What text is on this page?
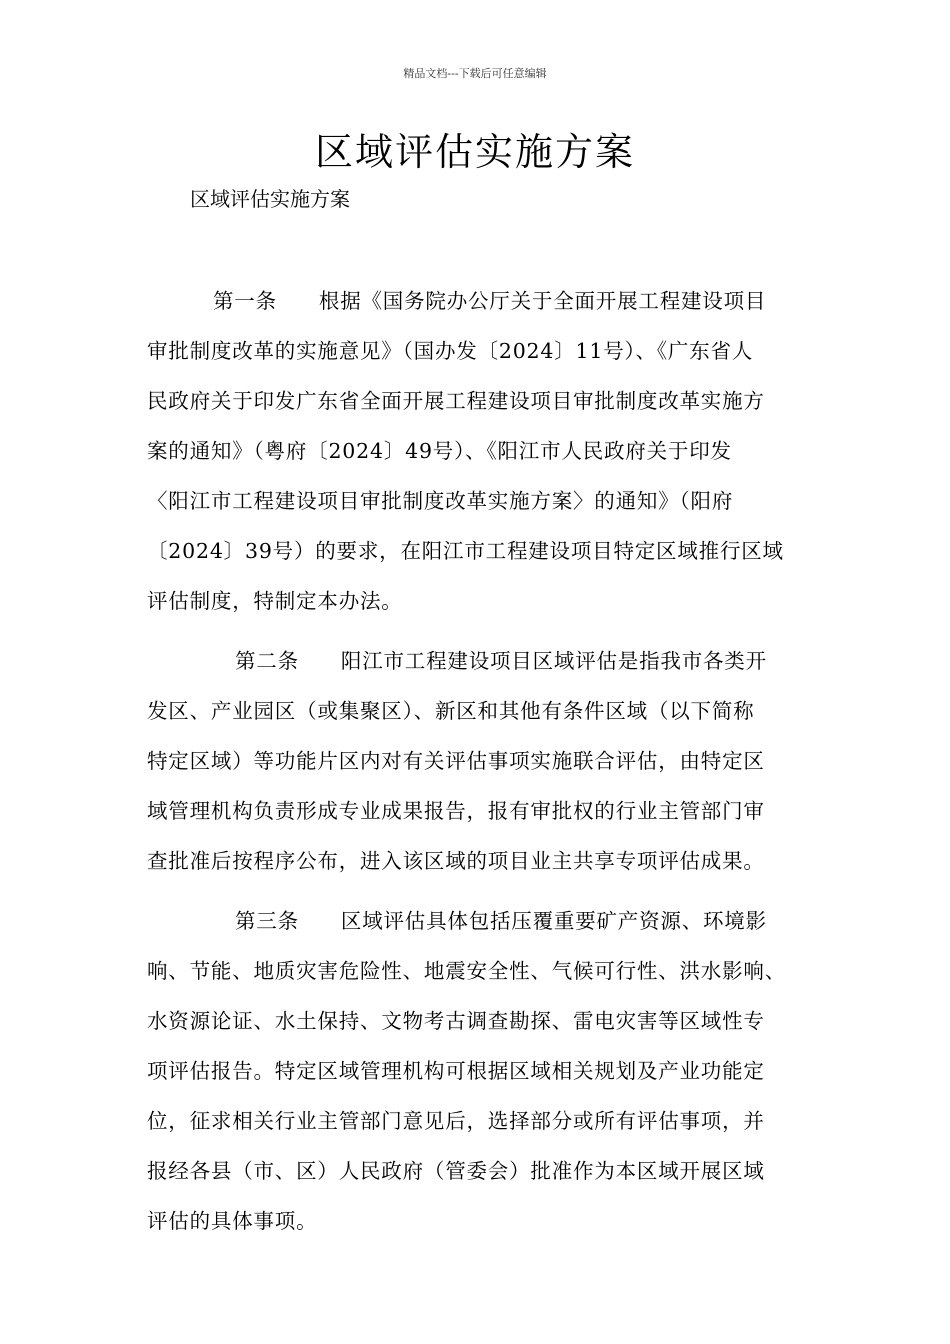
精品文档---下载后可任意编辑
区域评估实施方案
区域评估实施方案

第一条 根据《国务院办公厅关于全面开展工程建设项目

审批制度改革的实施意见》（国办发〔2024〕11号）、《广东省人

民政府关于印发广东省全面开展工程建设项目审批制度改革实施方

案的通知》（粤府〔2024〕49号）、《阳江市人民政府关于印发

〈阳江市工程建设项目审批制度改革实施方案〉的通知》（阳府

〔2024〕39号）的要求，在阳江市工程建设项目特定区域推行区域

评估制度，特制定本办法。

第二条 阳江市工程建设项目区域评估是指我市各类开

发区、产业园区（或集聚区）、新区和其他有条件区域（以下简称

特定区域）等功能片区内对有关评估事项实施联合评估，由特定区

域管理机构负责形成专业成果报告，报有审批权的行业主管部门审

查批准后按程序公布，进入该区域的项目业主共享专项评估成果。

第三条 区域评估具体包括压覆重要矿产资源、环境影

响、节能、地质灾害危险性、地震安全性、气候可行性、洪水影响、

水资源论证、水土保持、文物考古调查勘探、雷电灾害等区域性专

项评估报告。特定区域管理机构可根据区域相关规划及产业功能定

位，征求相关行业主管部门意见后，选择部分或所有评估事项，并

报经各县（市、区）人民政府（管委会）批准作为本区域开展区域

评估的具体事项。
